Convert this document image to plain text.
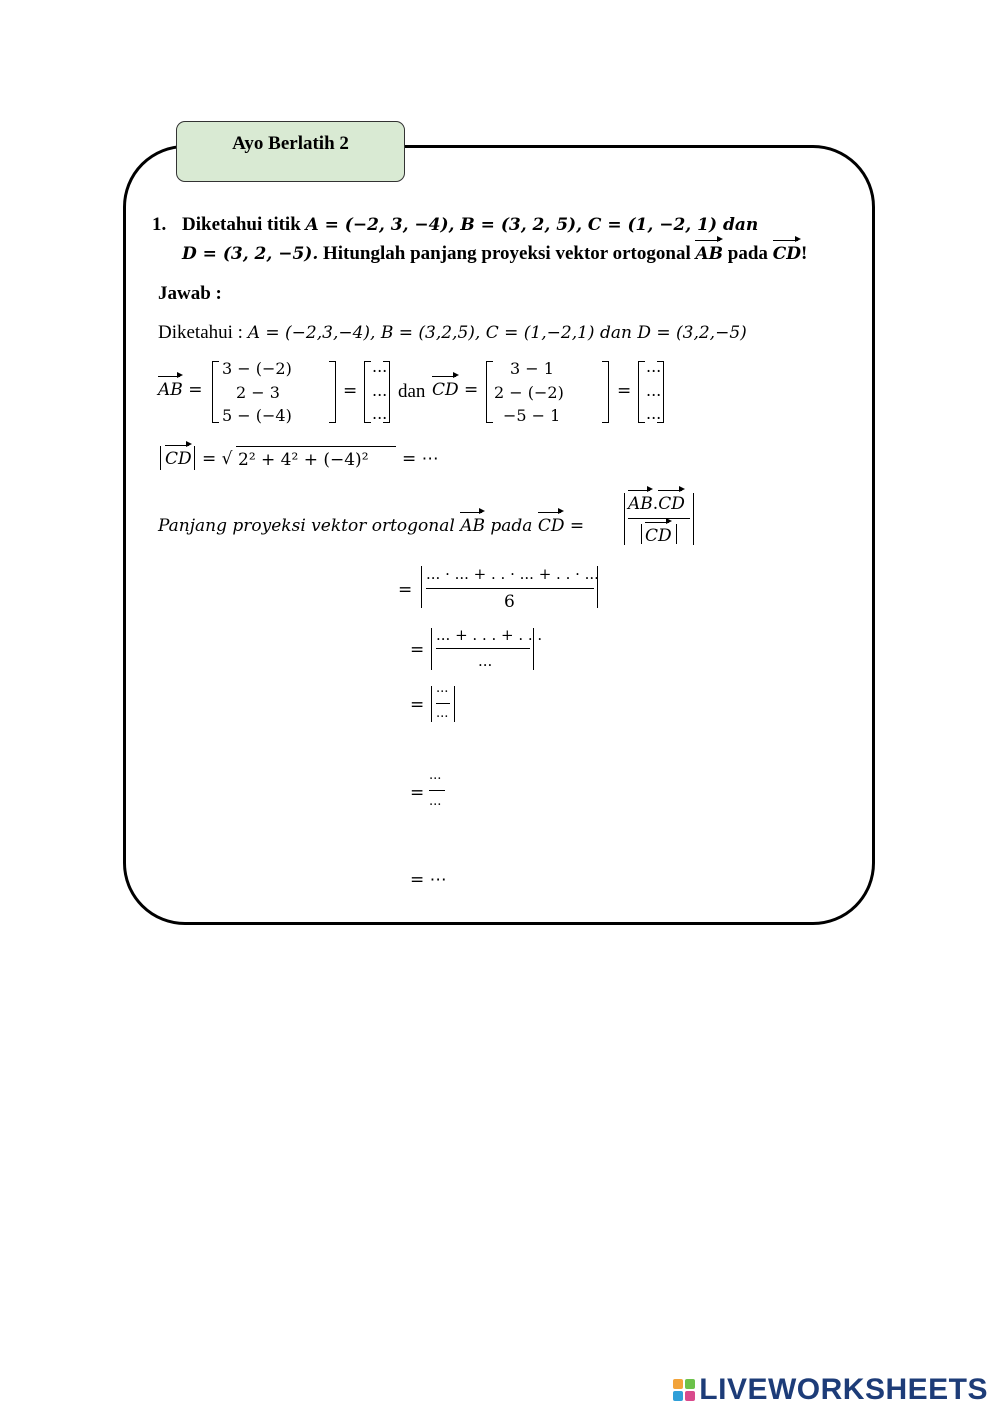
Ayo Berlatih 2
1. Diketahui titik A = (−2, 3, −4), B = (3, 2, 5), C = (1, −2, 1) dan
D = (3, 2, −5). Hitunglah panjang proyeksi vektor ortogonal AB pada CD!
Jawab :
Diketahui : A = (−2,3,−4), B = (3,2,5), C = (1,−2,1) dan D = (3,2,−5)
AB =
3 − (−2)
2 − 3
5 − (−4)
=
...
...
...
dan CD =
3 − 1
2 − (−2)
−5 − 1
=
...
...
...
CD = √ 2² + 4² + (−4)² = ⋯
Panjang proyeksi vektor ortogonal AB pada CD =
AB.CD
CD
=
... · ... + . . · ... + . . · ...
6
=
... + . . . + . . .
...
=
...
...
=
...
...
= ⋯
LIVEWORKSHEETS
